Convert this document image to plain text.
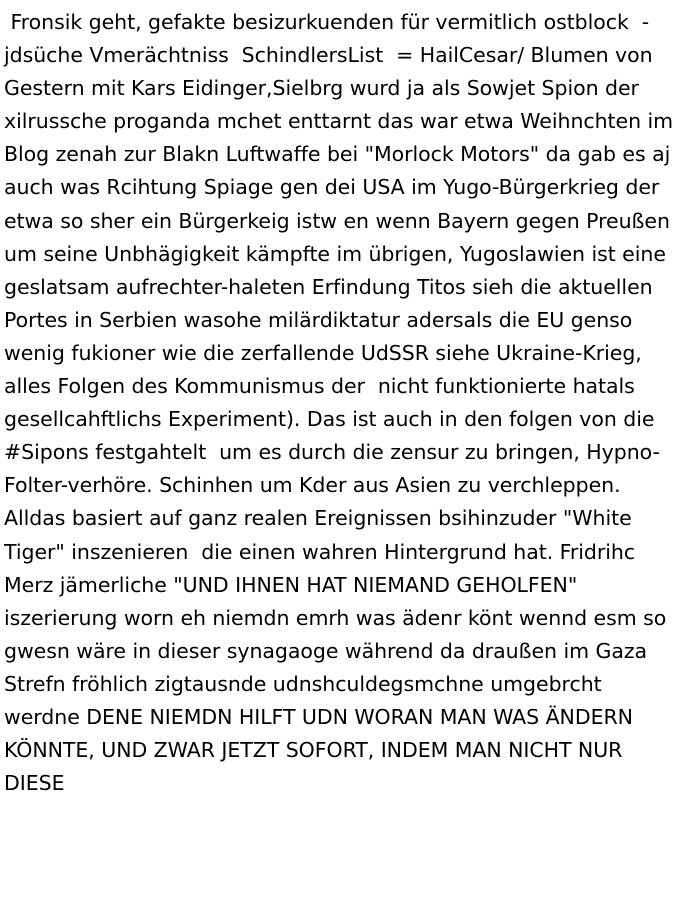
Fronsik geht, gefakte besizurkuenden für vermitlich ostblock  -jdsüche Vmerächtniss  SchindlersList  = HailCesar/ Blumen von Gestern mit Kars Eidinger,Sielbrg wurd ja als Sowjet Spion der xilrussche proganda mchet enttarnt das war etwa Weihnchten im Blog zenah zur Blakn Luftwaffe bei "Morlock Motors" da gab es aj auch was Rcihtung Spiage gen dei USA im Yugo-Bürgerkrieg der etwa so sher ein Bürgerkeig istw en wenn Bayern gegen Preußen um seine Unbhägigkeit kämpfte im übrigen, Yugoslawien ist eine geslatsam aufrechter-haleten Erfindung Titos sieh die aktuellen Portes in Serbien wasohe milärdiktatur adersals die EU genso wenig fukioner wie die zerfallende UdSSR siehe Ukraine-Krieg, alles Folgen des Kommunismus der  nicht funktionierte hatals gesellcahftlichs Experiment). Das ist auch in den folgen von die #Sipons festgahtelt  um es durch die zensur zu bringen, Hypno-Folter-verhöre. Schinhen um Kder aus Asien zu verchleppen. Alldas basiert auf ganz realen Ereignissen bsihinzuder "White Tiger" inszenieren  die einen wahren Hintergrund hat. Fridrihc Merz jämerliche "UND IHNEN HAT NIEMAND GEHOLFEN" iszerierung worn eh niemdn emrh was ädenr könt wennd esm so gwesn wäre in dieser synagaoge während da draußen im Gaza Strefn fröhlich zigtausnde udnshculdegsmchne umgebrcht werdne DENE NIEMDN HILFT UDN WORAN MAN WAS ÄNDERN KÖNNTE, UND ZWAR JETZT SOFORT, INDEM MAN NICHT NUR DIESE
